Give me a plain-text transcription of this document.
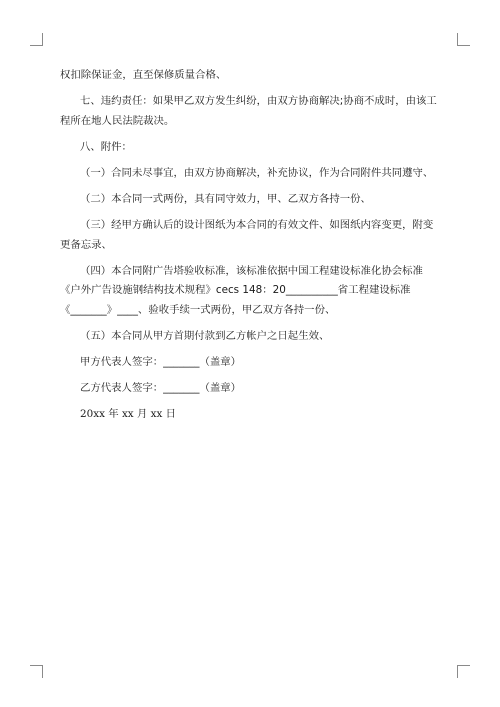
权扣除保证金，直至保修质量合格、

七、违约责任：如果甲乙双方发生纠纷，由双方协商解决;协商不成时，由该工程所在地人民法院裁决。

八、附件：

（一）合同未尽事宜，由双方协商解决，补充协议，作为合同附件共同遵守、

（二）本合同一式两份，具有同守效力，甲、乙双方各持一份、

（三）经甲方确认后的设计图纸为本合同的有效文件、如图纸内容变更，附变更备忘录、

（四）本合同附广告塔验收标准，该标准依据中国工程建设标准化协会标准《户外广告设施钢结构技术规程》cecs 148：20__________省工程建设标准《_______》____、验收手续一式两份，甲乙双方各持一份、

（五）本合同从甲方首期付款到乙方帐户之日起生效、

甲方代表人签字：_______（盖章）

乙方代表人签字：_______（盖章）

20xx 年 xx 月 xx 日
